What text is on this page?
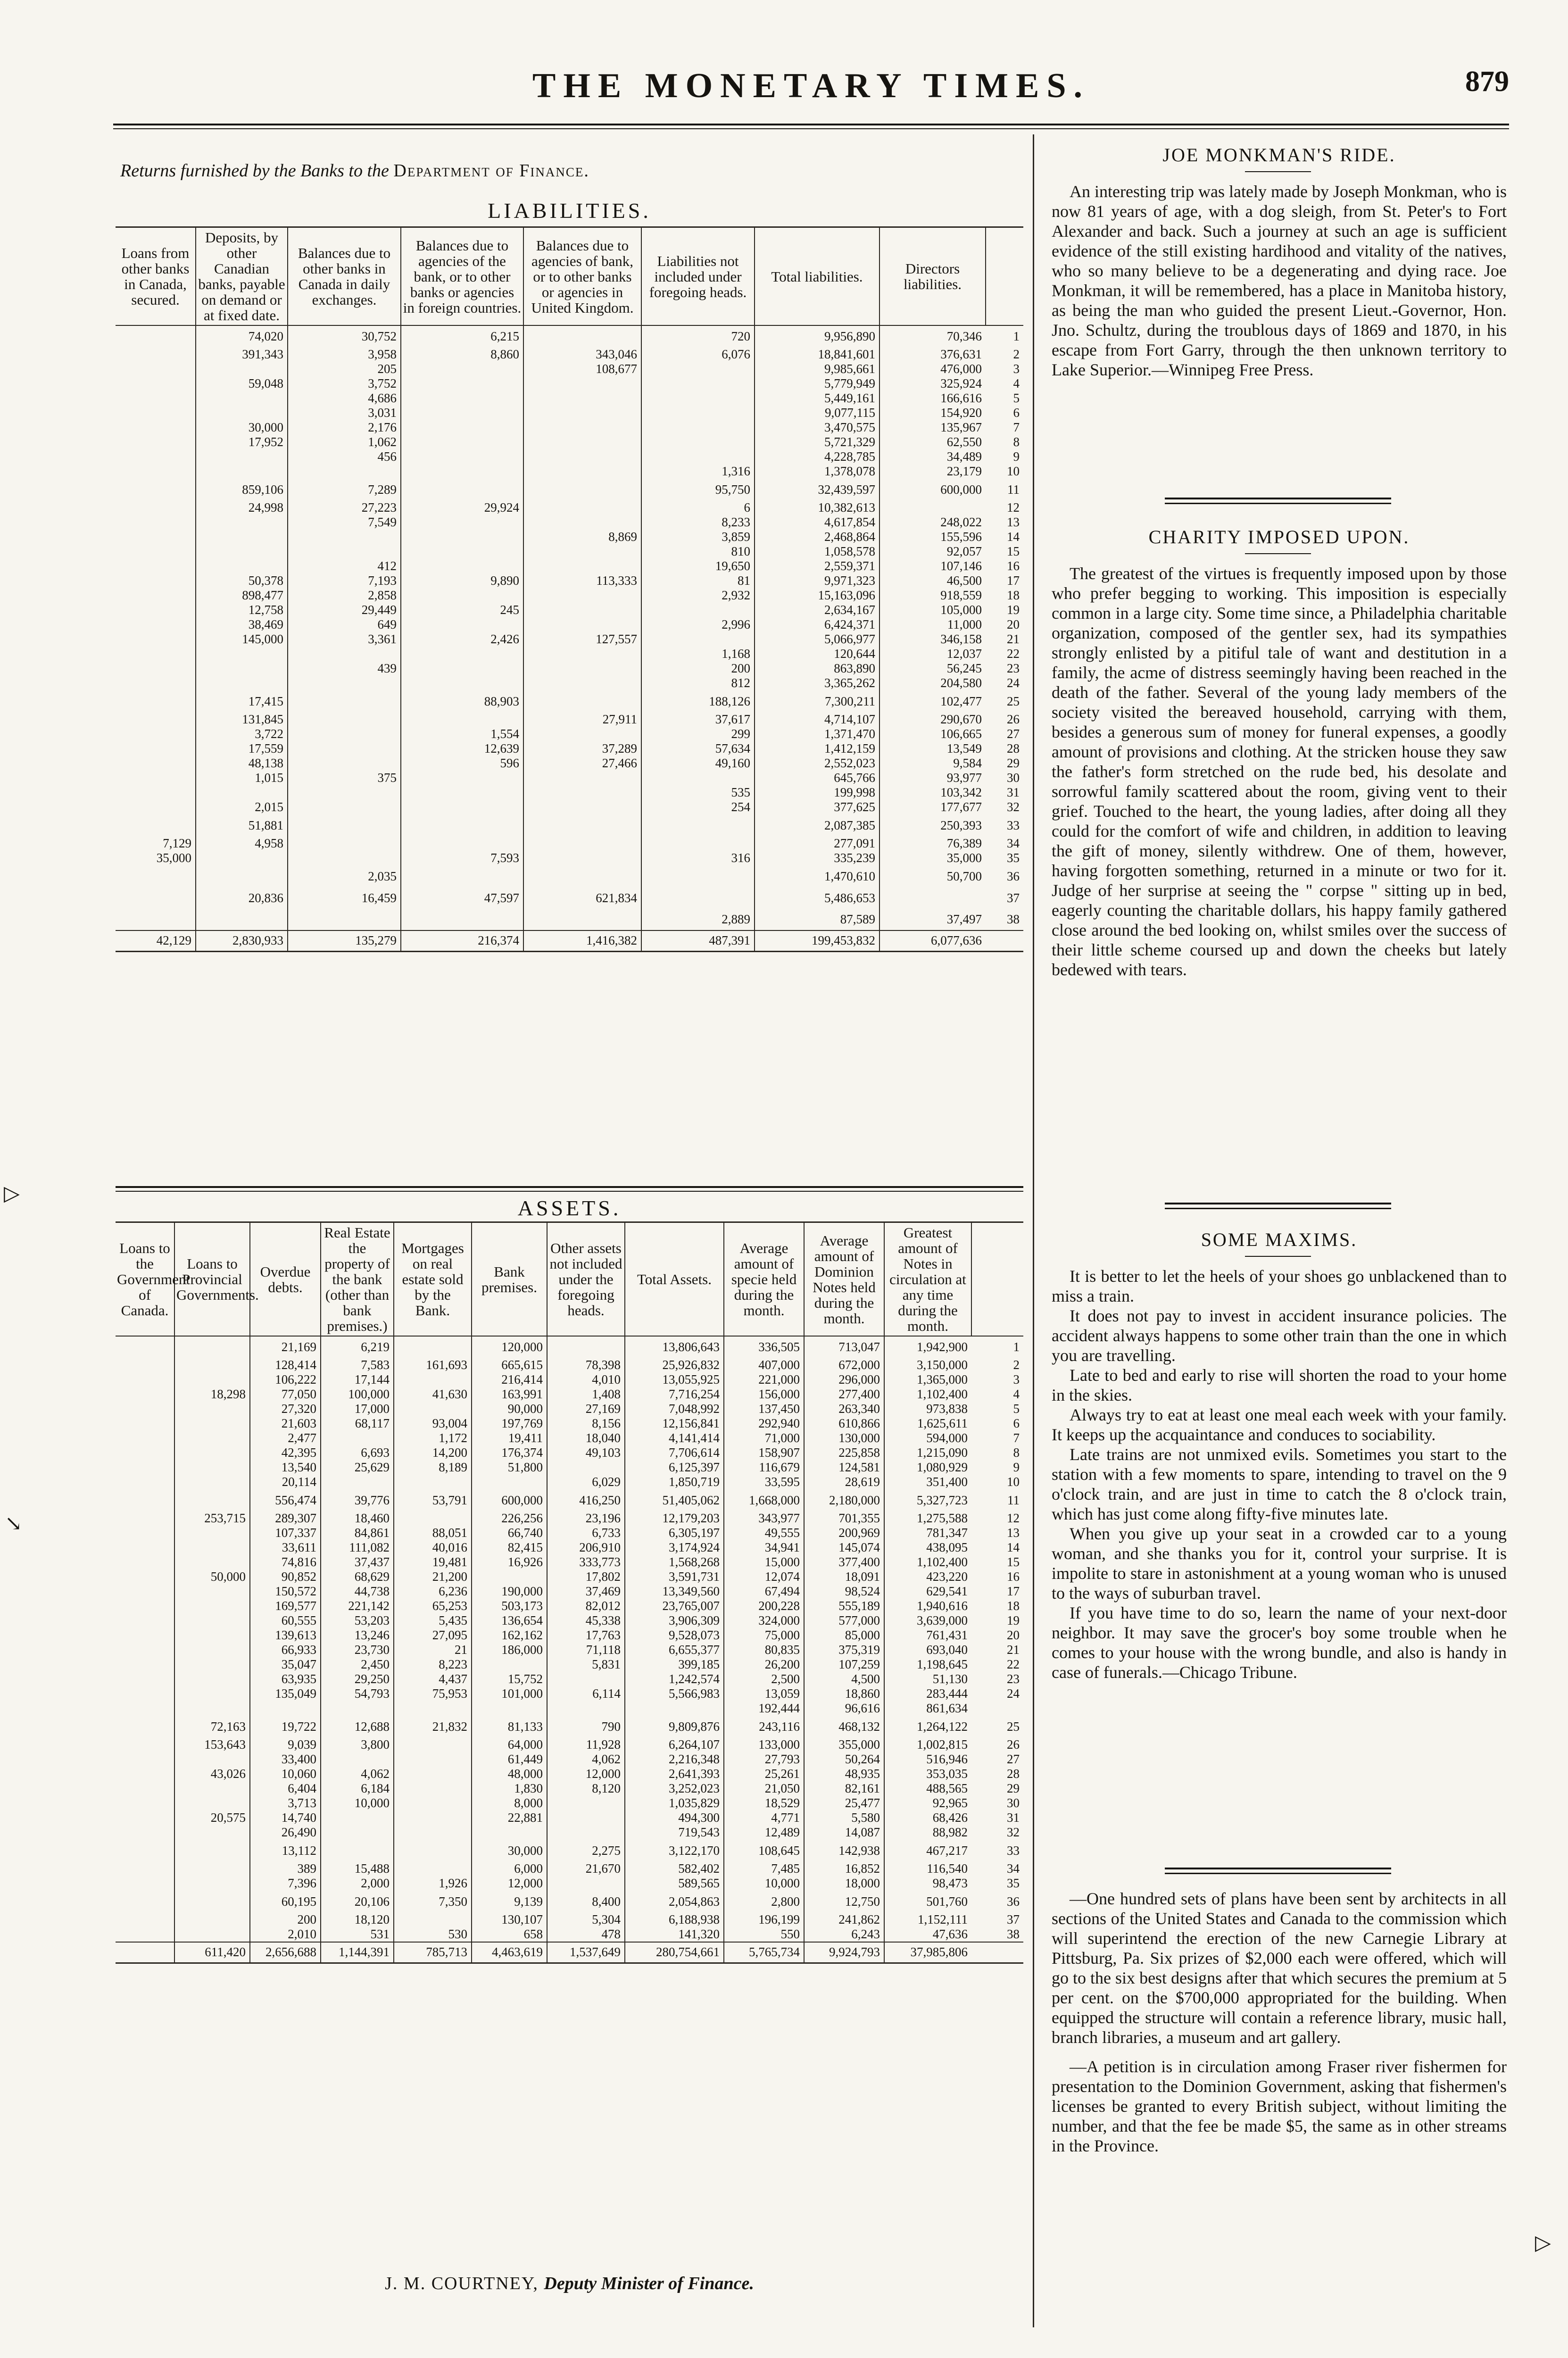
THE MONETARY TIMES.	879
Returns furnished by the Banks to the Department of Finance.
LIABILITIES.
Loans from other banks in Canada, secured.	Deposits, by other Canadian banks, payable on demand or at fixed date.	Balances due to other banks in Canada in daily exchanges.	Balances due to agencies of the bank, or to other banks or agencies in foreign countries.	Balances due to agencies of bank, or to other banks or agencies in United Kingdom.	Liabilities not included under foregoing heads.	Total liabilities.	Directors liabilities.	
	74,020	30,752	6,215		720	9,956,890	70,346	1
	391,343	3,958	8,860	343,046	6,076	18,841,601	376,631	2
		205		108,677		9,985,661	476,000	3
	59,048	3,752				5,779,949	325,924	4
		4,686				5,449,161	166,616	5
		3,031				9,077,115	154,920	6
	30,000	2,176				3,470,575	135,967	7
	17,952	1,062				5,721,329	62,550	8
		456				4,228,785	34,489	9
					1,316	1,378,078	23,179	10
	859,106	7,289			95,750	32,439,597	600,000	11
	24,998	27,223	29,924		6	10,382,613		12
		7,549			8,233	4,617,854	248,022	13
				8,869	3,859	2,468,864	155,596	14
					810	1,058,578	92,057	15
		412			19,650	2,559,371	107,146	16
	50,378	7,193	9,890	113,333	81	9,971,323	46,500	17
	898,477	2,858			2,932	15,163,096	918,559	18
	12,758	29,449	245			2,634,167	105,000	19
	38,469	649			2,996	6,424,371	11,000	20
	145,000	3,361	2,426	127,557		5,066,977	346,158	21
					1,168	120,644	12,037	22
		439			200	863,890	56,245	23
					812	3,365,262	204,580	24
	17,415		88,903		188,126	7,300,211	102,477	25
	131,845			27,911	37,617	4,714,107	290,670	26
	3,722		1,554		299	1,371,470	106,665	27
	17,559		12,639	37,289	57,634	1,412,159	13,549	28
	48,138		596	27,466	49,160	2,552,023	9,584	29
	1,015	375				645,766	93,977	30
					535	199,998	103,342	31
	2,015				254	377,625	177,677	32
	51,881					2,087,385	250,393	33
7,129	4,958					277,091	76,389	34
35,000			7,593		316	335,239	35,000	35
		2,035				1,470,610	50,700	36
	20,836	16,459	47,597	621,834		5,486,653		37
					2,889	87,589	37,497	38
42,129	2,830,933	135,279	216,374	1,416,382	487,391	199,453,832	6,077,636	
ASSETS.
Loans to the Government of Canada.	Loans to Provincial Governments.	Overdue debts.	Real Estate the property of the bank (other than bank premises.)	Mortgages on real estate sold by the Bank.	Bank premises.	Other assets not included under the foregoing heads.	Total Assets.	Average amount of specie held during the month.	Average amount of Dominion Notes held during the month.	Greatest amount of Notes in circulation at any time during the month.	
		21,169	6,219		120,000		13,806,643	336,505	713,047	1,942,900	1
		128,414	7,583	161,693	665,615	78,398	25,926,832	407,000	672,000	3,150,000	2
		106,222	17,144		216,414	4,010	13,055,925	221,000	296,000	1,365,000	3
	18,298	77,050	100,000	41,630	163,991	1,408	7,716,254	156,000	277,400	1,102,400	4
		27,320	17,000		90,000	27,169	7,048,992	137,450	263,340	973,838	5
		21,603	68,117	93,004	197,769	8,156	12,156,841	292,940	610,866	1,625,611	6
		2,477		1,172	19,411	18,040	4,141,414	71,000	130,000	594,000	7
		42,395	6,693	14,200	176,374	49,103	7,706,614	158,907	225,858	1,215,090	8
		13,540	25,629	8,189	51,800		6,125,397	116,679	124,581	1,080,929	9
		20,114				6,029	1,850,719	33,595	28,619	351,400	10
		556,474	39,776	53,791	600,000	416,250	51,405,062	1,668,000	2,180,000	5,327,723	11
	253,715	289,307	18,460		226,256	23,196	12,179,203	343,977	701,355	1,275,588	12
		107,337	84,861	88,051	66,740	6,733	6,305,197	49,555	200,969	781,347	13
		33,611	111,082	40,016	82,415	206,910	3,174,924	34,941	145,074	438,095	14
		74,816	37,437	19,481	16,926	333,773	1,568,268	15,000	377,400	1,102,400	15
	50,000	90,852	68,629	21,200		17,802	3,591,731	12,074	18,091	423,220	16
		150,572	44,738	6,236	190,000	37,469	13,349,560	67,494	98,524	629,541	17
		169,577	221,142	65,253	503,173	82,012	23,765,007	200,228	555,189	1,940,616	18
		60,555	53,203	5,435	136,654	45,338	3,906,309	324,000	577,000	3,639,000	19
		139,613	13,246	27,095	162,162	17,763	9,528,073	75,000	85,000	761,431	20
		66,933	23,730	21	186,000	71,118	6,655,377	80,835	375,319	693,040	21
		35,047	2,450	8,223		5,831	399,185	26,200	107,259	1,198,645	22
		63,935	29,250	4,437	15,752		1,242,574	2,500	4,500	51,130	23
		135,049	54,793	75,953	101,000	6,114	5,566,983	13,059	18,860	283,444	24
								192,444	96,616	861,634	
	72,163	19,722	12,688	21,832	81,133	790	9,809,876	243,116	468,132	1,264,122	25
	153,643	9,039	3,800		64,000	11,928	6,264,107	133,000	355,000	1,002,815	26
		33,400			61,449	4,062	2,216,348	27,793	50,264	516,946	27
	43,026	10,060	4,062		48,000	12,000	2,641,393	25,261	48,935	353,035	28
		6,404	6,184		1,830	8,120	3,252,023	21,050	82,161	488,565	29
		3,713	10,000		8,000		1,035,829	18,529	25,477	92,965	30
	20,575	14,740			22,881		494,300	4,771	5,580	68,426	31
		26,490					719,543	12,489	14,087	88,982	32
		13,112			30,000	2,275	3,122,170	108,645	142,938	467,217	33
		389	15,488		6,000	21,670	582,402	7,485	16,852	116,540	34
		7,396	2,000	1,926	12,000		589,565	10,000	18,000	98,473	35
		60,195	20,106	7,350	9,139	8,400	2,054,863	2,800	12,750	501,760	36
		200	18,120		130,107	5,304	6,188,938	196,199	241,862	1,152,111	37
		2,010	531	530	658	478	141,320	550	6,243	47,636	38
	611,420	2,656,688	1,144,391	785,713	4,463,619	1,537,649	280,754,661	5,765,734	9,924,793	37,985,806	
J. M. COURTNEY, Deputy Minister of Finance.
JOE MONKMAN'S RIDE.

An interesting trip was lately made by Joseph Monkman, who is now 81 years of age, with a dog sleigh, from St. Peter's to Fort Alexander and back. Such a journey at such an age is sufficient evidence of the still existing hardihood and vitality of the natives, who so many believe to be a degenerating and dying race. Joe Monkman, it will be remembered, has a place in Manitoba history, as being the man who guided the present Lieut.-Governor, Hon. Jno. Schultz, during the troublous days of 1869 and 1870, in his escape from Fort Garry, through the then unknown territory to Lake Superior.—Winnipeg Free Press.

CHARITY IMPOSED UPON.

The greatest of the virtues is frequently imposed upon by those who prefer begging to working. This imposition is especially common in a large city. Some time since, a Philadelphia charitable organization, composed of the gentler sex, had its sympathies strongly enlisted by a pitiful tale of want and destitution in a family, the acme of distress seemingly having been reached in the death of the father. Several of the young lady members of the society visited the bereaved household, carrying with them, besides a generous sum of money for funeral expenses, a goodly amount of provisions and clothing. At the stricken house they saw the father's form stretched on the rude bed, his desolate and sorrowful family scattered about the room, giving vent to their grief. Touched to the heart, the young ladies, after doing all they could for the comfort of wife and children, in addition to leaving the gift of money, silently withdrew. One of them, however, having forgotten something, returned in a minute or two for it. Judge of her surprise at seeing the " corpse " sitting up in bed, eagerly counting the charitable dollars, his happy family gathered close around the bed looking on, whilst smiles over the success of their little scheme coursed up and down the cheeks but lately bedewed with tears.

SOME MAXIMS.

It is better to let the heels of your shoes go unblackened than to miss a train.

It does not pay to invest in accident insurance policies. The accident always happens to some other train than the one in which you are travelling.

Late to bed and early to rise will shorten the road to your home in the skies.

Always try to eat at least one meal each week with your family. It keeps up the acquaintance and conduces to sociability.

Late trains are not unmixed evils. Sometimes you start to the station with a few moments to spare, intending to travel on the 9 o'clock train, and are just in time to catch the 8 o'clock train, which has just come along fifty-five minutes late.

When you give up your seat in a crowded car to a young woman, and she thanks you for it, control your surprise. It is impolite to stare in astonishment at a young woman who is unused to the ways of suburban travel.

If you have time to do so, learn the name of your next-door neighbor. It may save the grocer's boy some trouble when he comes to your house with the wrong bundle, and also is handy in case of funerals.—Chicago Tribune.

—One hundred sets of plans have been sent by architects in all sections of the United States and Canada to the commission which will superintend the erection of the new Carnegie Library at Pittsburg, Pa. Six prizes of $2,000 each were offered, which will go to the six best designs after that which secures the premium at 5 per cent. on the $700,000 appropriated for the building. When equipped the structure will contain a reference library, music hall, branch libraries, a museum and art gallery.

—A petition is in circulation among Fraser river fishermen for presentation to the Dominion Government, asking that fishermen's licenses be granted to every British subject, without limiting the number, and that the fee be made $5, the same as in other streams in the Province.

▷
↘
▷
